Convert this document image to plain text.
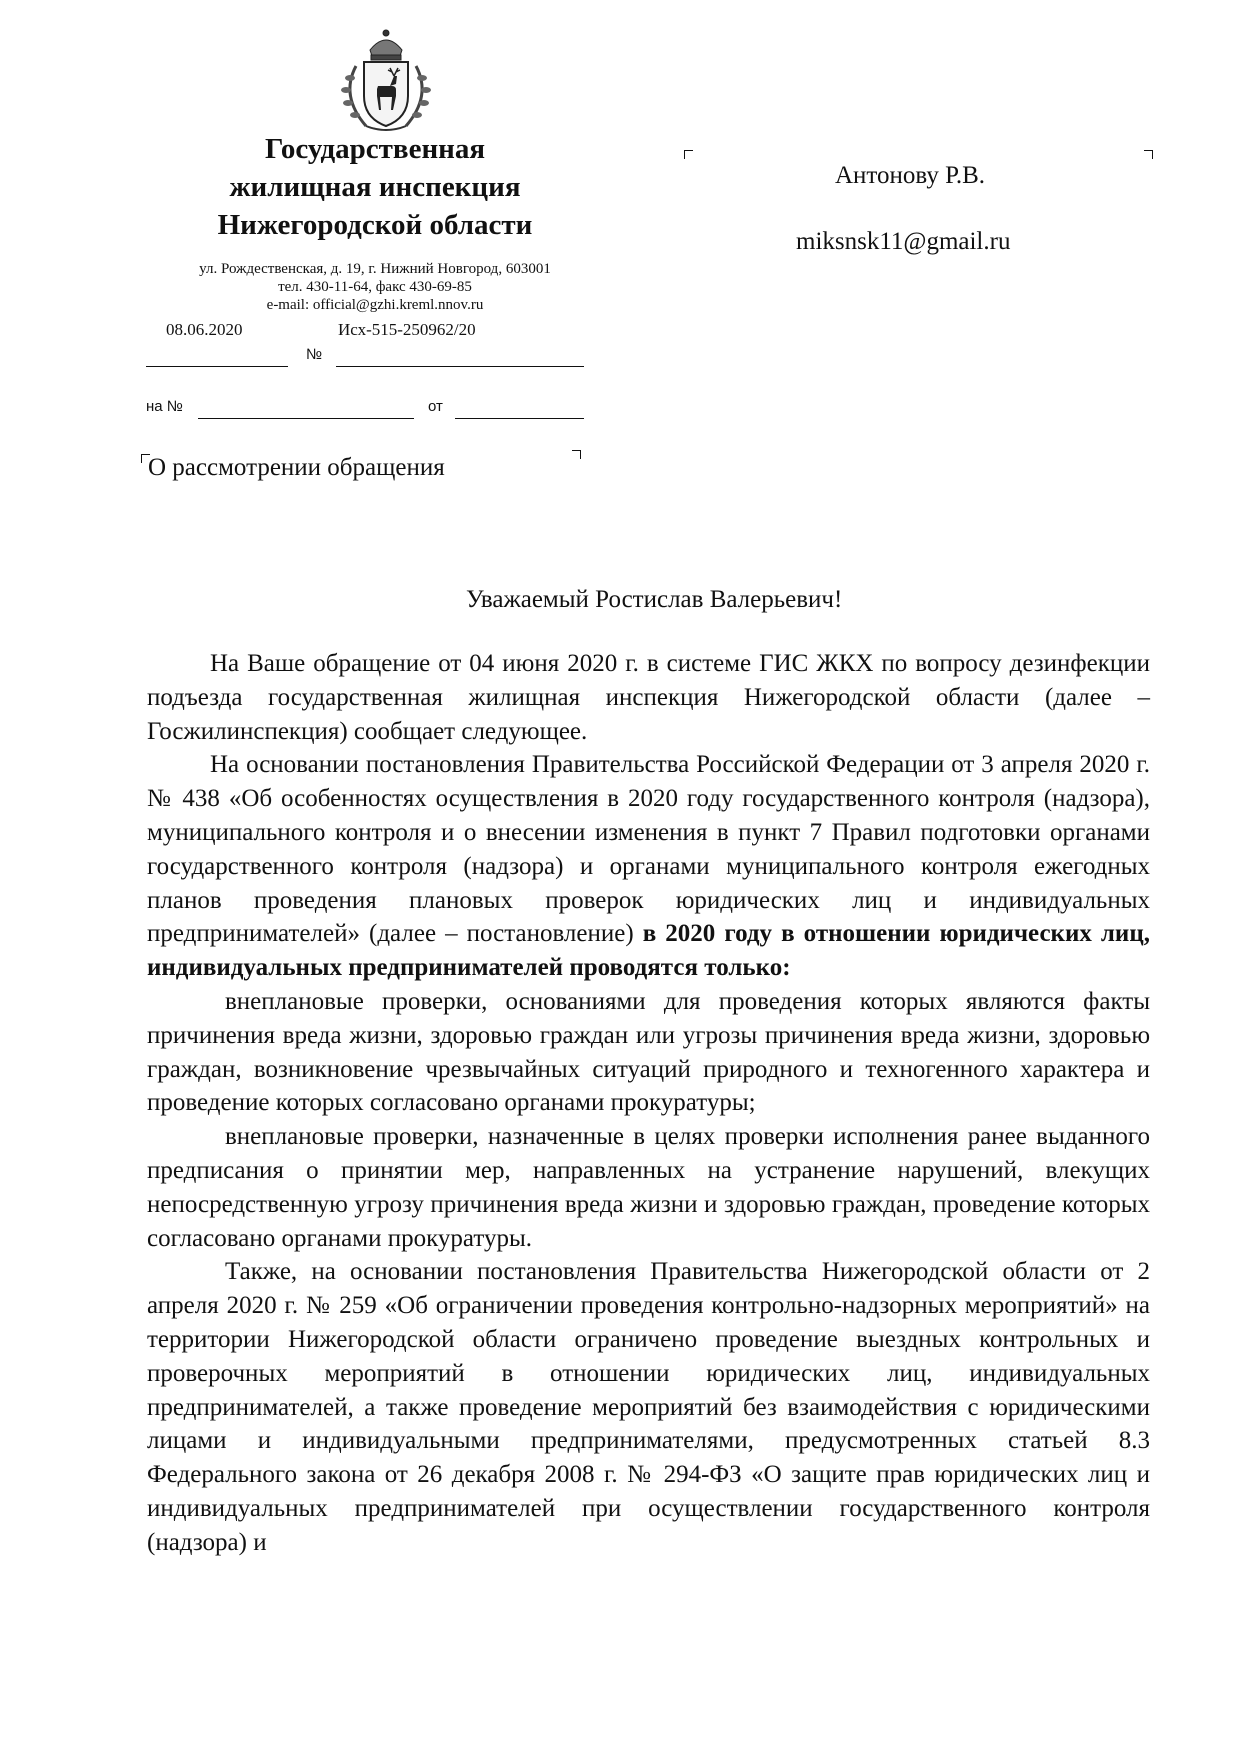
Государственная
жилищная инспекция
Нижегородской области
ул. Рождественская, д. 19, г. Нижний Новгород, 603001
тел. 430-11-64, факс 430-69-85
e-mail: official@gzhi.kreml.nnov.ru
08.06.2020	Исх-515-250962/20
№
на №	от
О рассмотрении обращения
Антонову Р.В.
miksnsk11@gmail.ru
Уважаемый Ростислав Валерьевич!

На Ваше обращение от 04 июня 2020 г. в системе ГИС ЖКХ по вопросу дезинфекции подъезда государственная жилищная инспекция Нижегородской области (далее – Госжилинспекция) сообщает следующее.

На основании постановления Правительства Российской Федерации от 3 апреля 2020 г. № 438 «Об особенностях осуществления в 2020 году государственного контроля (надзора), муниципального контроля и о внесении изменения в пункт 7 Правил подготовки органами государственного контроля (надзора) и органами муниципального контроля ежегодных планов проведения плановых проверок юридических лиц и индивидуальных предпринимателей» (далее – постановление) в 2020 году в отношении юридических лиц, индивидуальных предпринимателей проводятся только:

внеплановые проверки, основаниями для проведения которых являются факты причинения вреда жизни, здоровью граждан или угрозы причинения вреда жизни, здоровью граждан, возникновение чрезвычайных ситуаций природного и техногенного характера и проведение которых согласовано органами прокуратуры;

внеплановые проверки, назначенные в целях проверки исполнения ранее выданного предписания о принятии мер, направленных на устранение нарушений, влекущих непосредственную угрозу причинения вреда жизни и здоровью граждан, проведение которых согласовано органами прокуратуры.

Также, на основании постановления Правительства Нижегородской области от 2 апреля 2020 г. № 259 «Об ограничении проведения контрольно-надзорных мероприятий» на территории Нижегородской области ограничено проведение выездных контрольных и проверочных мероприятий в отношении юридических лиц, индивидуальных предпринимателей, а также проведение мероприятий без взаимодействия с юридическими лицами и индивидуальными предпринимателями, предусмотренных статьей 8.3 Федерального закона от 26 декабря 2008 г. № 294-ФЗ «О защите прав юридических лиц и индивидуальных предпринимателей при осуществлении государственного контроля (надзора) и
